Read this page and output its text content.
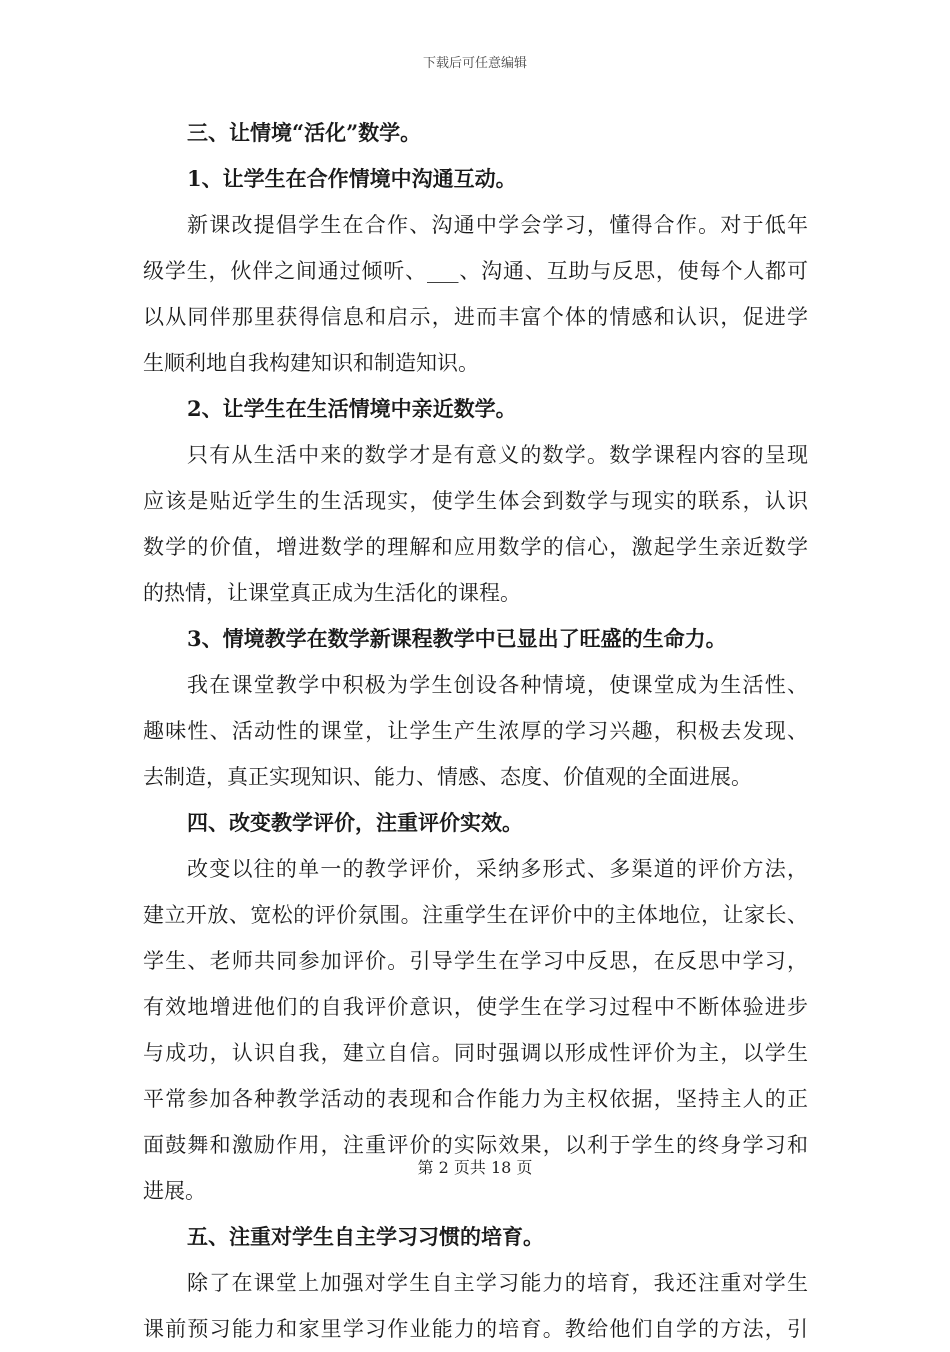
下载后可任意编辑
三、让情境“活化”数学。
1、让学生在合作情境中沟通互动。
新课改提倡学生在合作、沟通中学会学习，懂得合作。对于低年
级学生，伙伴之间通过倾听、___、沟通、互助与反思，使每个人都可
以从同伴那里获得信息和启示，进而丰富个体的情感和认识，促进学
生顺利地自我构建知识和制造知识。
2、让学生在生活情境中亲近数学。
只有从生活中来的数学才是有意义的数学。数学课程内容的呈现
应该是贴近学生的生活现实，使学生体会到数学与现实的联系，认识
数学的价值，增进数学的理解和应用数学的信心，激起学生亲近数学
的热情，让课堂真正成为生活化的课程。
3、情境教学在数学新课程教学中已显出了旺盛的生命力。
我在课堂教学中积极为学生创设各种情境，使课堂成为生活性、
趣味性、活动性的课堂，让学生产生浓厚的学习兴趣，积极去发现、
去制造，真正实现知识、能力、情感、态度、价值观的全面进展。
四、改变教学评价，注重评价实效。
改变以往的单一的教学评价，采纳多形式、多渠道的评价方法，
建立开放、宽松的评价氛围。注重学生在评价中的主体地位，让家长、
学生、老师共同参加评价。引导学生在学习中反思，在反思中学习，
有效地增进他们的自我评价意识，使学生在学习过程中不断体验进步
与成功，认识自我，建立自信。同时强调以形成性评价为主，以学生
平常参加各种教学活动的表现和合作能力为主权依据，坚持主人的正
面鼓舞和激励作用，注重评价的实际效果，以利于学生的终身学习和
进展。
五、注重对学生自主学习习惯的培育。
除了在课堂上加强对学生自主学习能力的培育，我还注重对学生
课前预习能力和家里学习作业能力的培育。教给他们自学的方法，引
第 2 页共 18 页
